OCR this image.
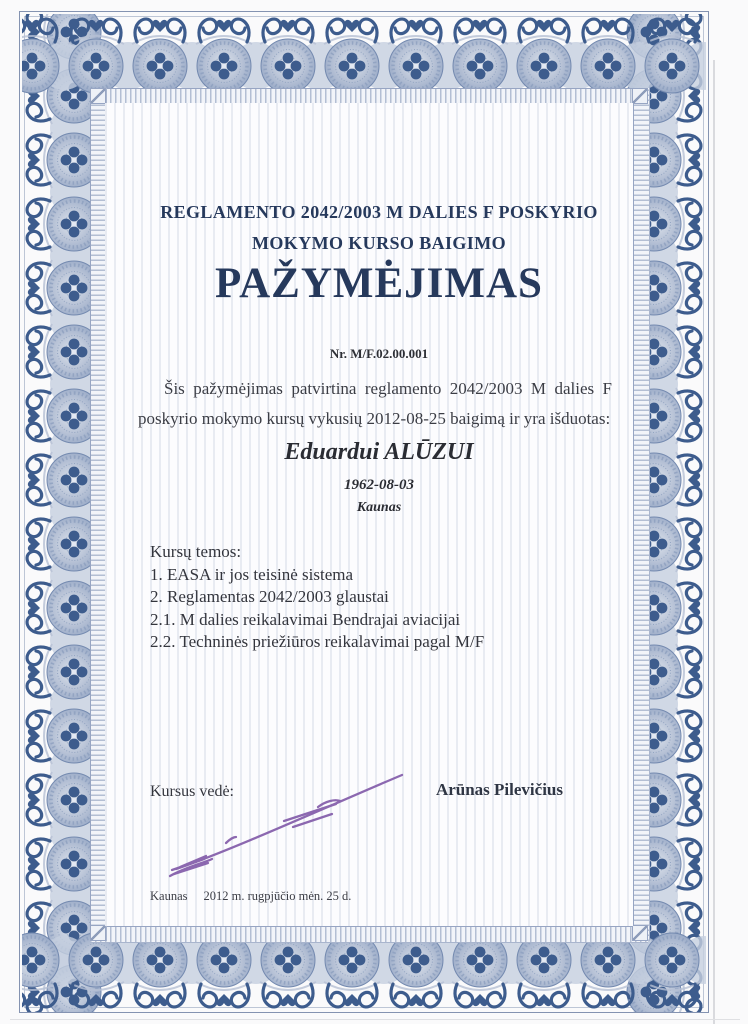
REGLAMENTO 2042/2003 M DALIES F POSKYRIO
MOKYMO KURSO BAIGIMO
PAŽYMĖJIMAS
Nr. M/F.02.00.001
Šis pažymėjimas patvirtina reglamento 2042/2003 M dalies F
poskyrio mokymo kursų vykusių 2012-08-25 baigimą ir yra išduotas:
Eduardui ALŪZUI
1962-08-03
Kaunas
Kursų temos:
1. EASA ir jos teisinė sistema
2. Reglamentas 2042/2003 glaustai
2.1. M dalies reikalavimai Bendrajai aviacijai
2.2. Techninės priežiūros reikalavimai pagal M/F
Kursus vedė:	Arūnas Pilevičius
Kaunas 2012 m. rugpjūčio mėn. 25 d.
